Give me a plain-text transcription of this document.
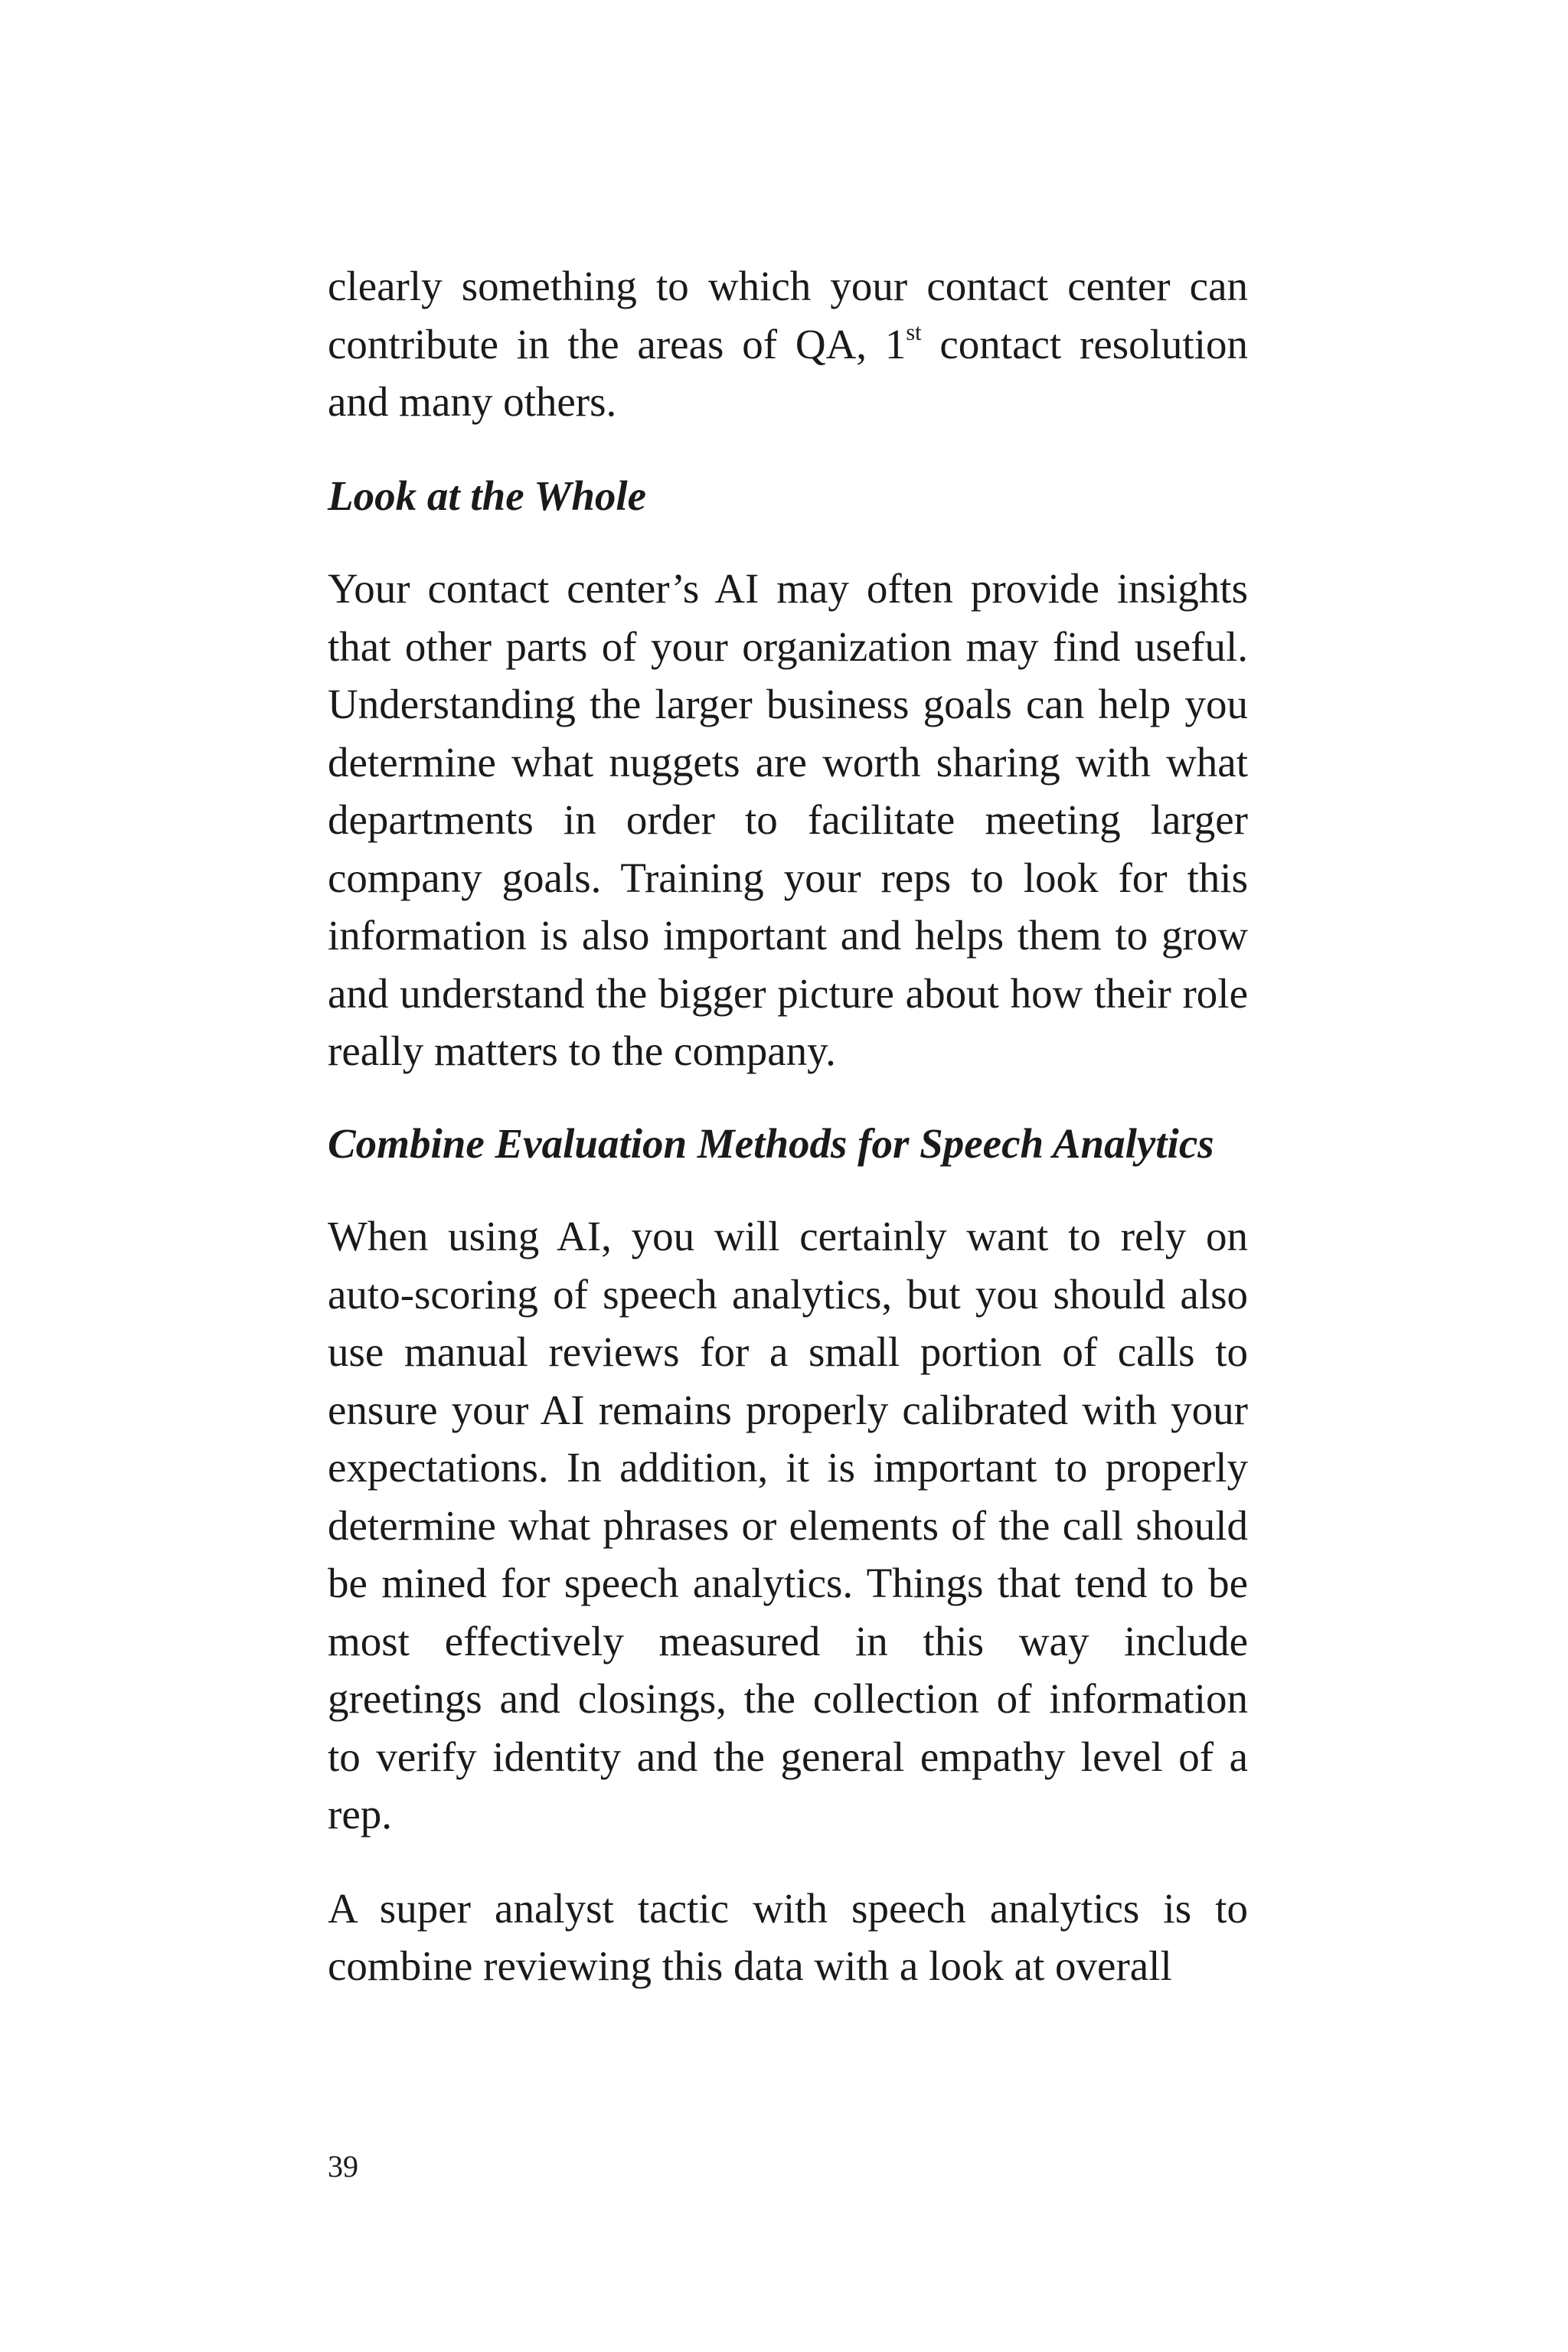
clearly something to which your contact center can contribute in the areas of QA, 1st contact resolution and many others.

Look at the Whole

Your contact center’s AI may often provide insights that other parts of your organization may find useful. Understanding the larger business goals can help you determine what nuggets are worth sharing with what departments in order to facilitate meeting larger company goals. Training your reps to look for this information is also important and helps them to grow and understand the bigger picture about how their role really matters to the company.

Combine Evaluation Methods for Speech Analytics

When using AI, you will certainly want to rely on auto-scoring of speech analytics, but you should also use manual reviews for a small portion of calls to ensure your AI remains properly calibrated with your expectations. In addition, it is important to properly determine what phrases or elements of the call should be mined for speech analytics. Things that tend to be most effectively measured in this way include greetings and closings, the collection of information to verify identity and the general empathy level of a rep.

A super analyst tactic with speech analytics is to combine reviewing this data with a look at overall

39
